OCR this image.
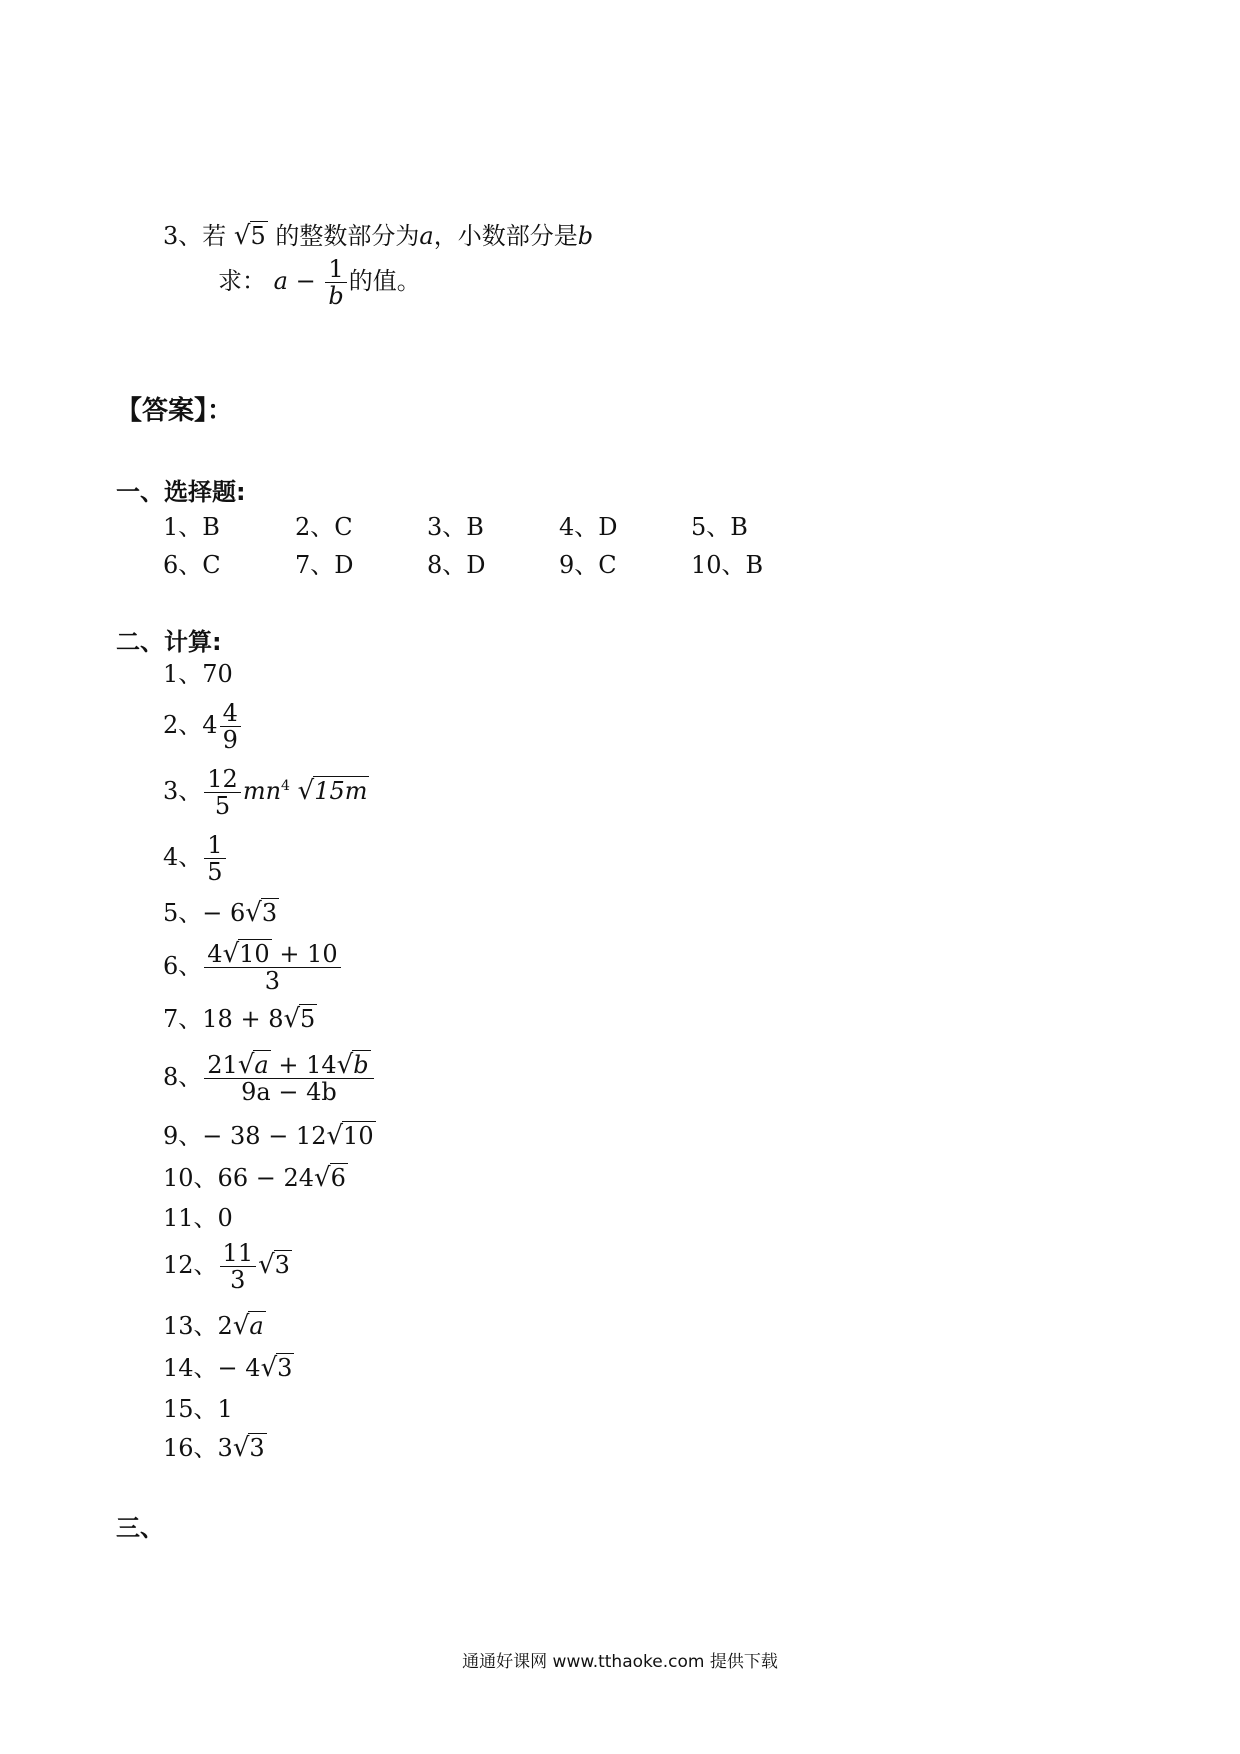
3、若 √5 的整数部分为a，小数部分是b
求： $a - \frac{1}{b}$ 的值。
【答案】：
一、选择题:
1、B	2、C	3、B	4、D	5、B
6、C	7、D	8、D	9、C	10、B
二、计算:
1、70
2、$4 \frac{4}{9}$
3、 $\frac{12}{5} mn^4$ √15m
4、 $\frac{1}{5}$
5、− 6√3
6、 $\frac{4√10 + 10}{3}$
7、18 + 8√5
8、 $\frac{21√a + 14√b}{9a - 4b}$
9、− 38 − 12√10
10、66 − 24√6
11、0
12、 $\frac{11}{3} √3$
13、2√a
14、− 4√3
15、1
16、3√3
三、
通通好课网 www.tthaoke.com 提供下载
